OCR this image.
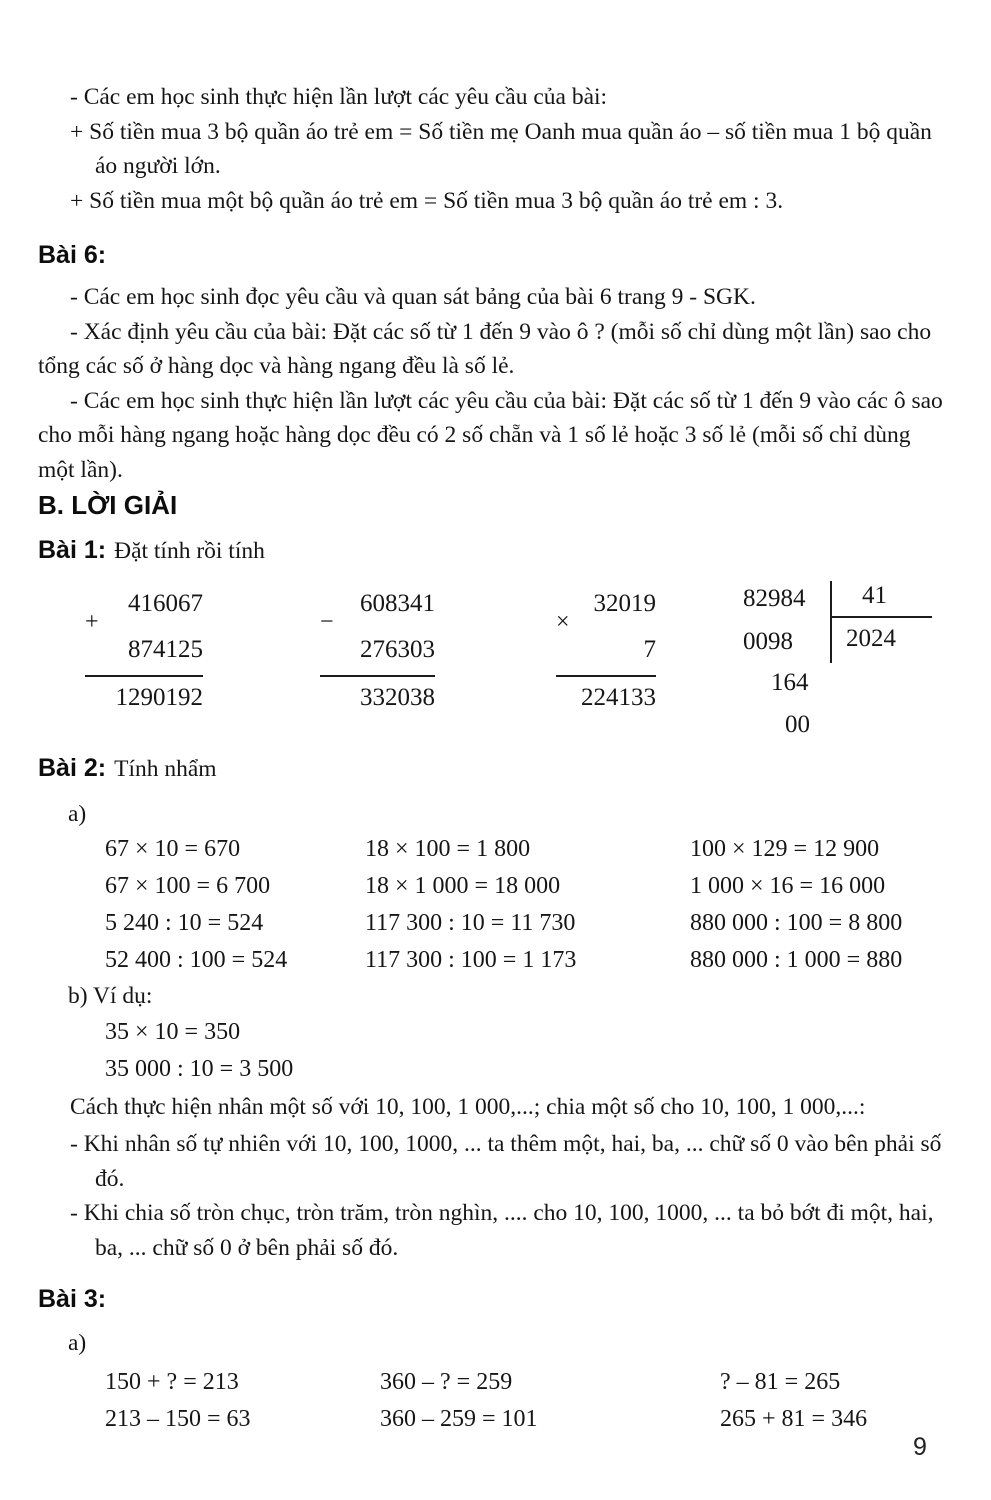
- Các em học sinh thực hiện lần lượt các yêu cầu của bài:

+ Số tiền mua 3 bộ quần áo trẻ em = Số tiền mẹ Oanh mua quần áo – số tiền mua 1 bộ quần áo người lớn.

+ Số tiền mua một bộ quần áo trẻ em = Số tiền mua 3 bộ quần áo trẻ em : 3.

Bài 6:

- Các em học sinh đọc yêu cầu và quan sát bảng của bài 6 trang 9 - SGK.

- Xác định yêu cầu của bài: Đặt các số từ 1 đến 9 vào ô ? (mỗi số chỉ dùng một lần) sao cho tổng các số ở hàng dọc và hàng ngang đều là số lẻ.

- Các em học sinh thực hiện lần lượt các yêu cầu của bài: Đặt các số từ 1 đến 9 vào các ô sao cho mỗi hàng ngang hoặc hàng dọc đều có 2 số chẵn và 1 số lẻ hoặc 3 số lẻ (mỗi số chỉ dùng một lần).

B. LỜI GIẢI

Bài 1: Đặt tính rồi tính

+
416067
874125
1290192
−
608341
276303
332038
×
32019
7
224133
82984 41
2024
0098
164
00

Bài 2: Tính nhẩm

a)

67 × 10 = 670	18 × 100 = 1 800	100 × 129 = 12 900
67 × 100 = 6 700	18 × 1 000 = 18 000	1 000 × 16 = 16 000
5 240 : 10 = 524	117 300 : 10 = 11 730	880 000 : 100 = 8 800
52 400 : 100 = 524	117 300 : 100 = 1 173	880 000 : 1 000 = 880

b) Ví dụ:

35 × 10 = 350
35 000 : 10 = 3 500

Cách thực hiện nhân một số với 10, 100, 1 000,...; chia một số cho 10, 100, 1 000,...:

- Khi nhân số tự nhiên với 10, 100, 1000, ... ta thêm một, hai, ba, ... chữ số 0 vào bên phải số đó.

- Khi chia số tròn chục, tròn trăm, tròn nghìn, .... cho 10, 100, 1000, ... ta bỏ bớt đi một, hai, ba, ... chữ số 0 ở bên phải số đó.

Bài 3:

a)

150 + ? = 213	360 – ? = 259	? – 81 = 265
213 – 150 = 63	360 – 259 = 101	265 + 81 = 346
9
